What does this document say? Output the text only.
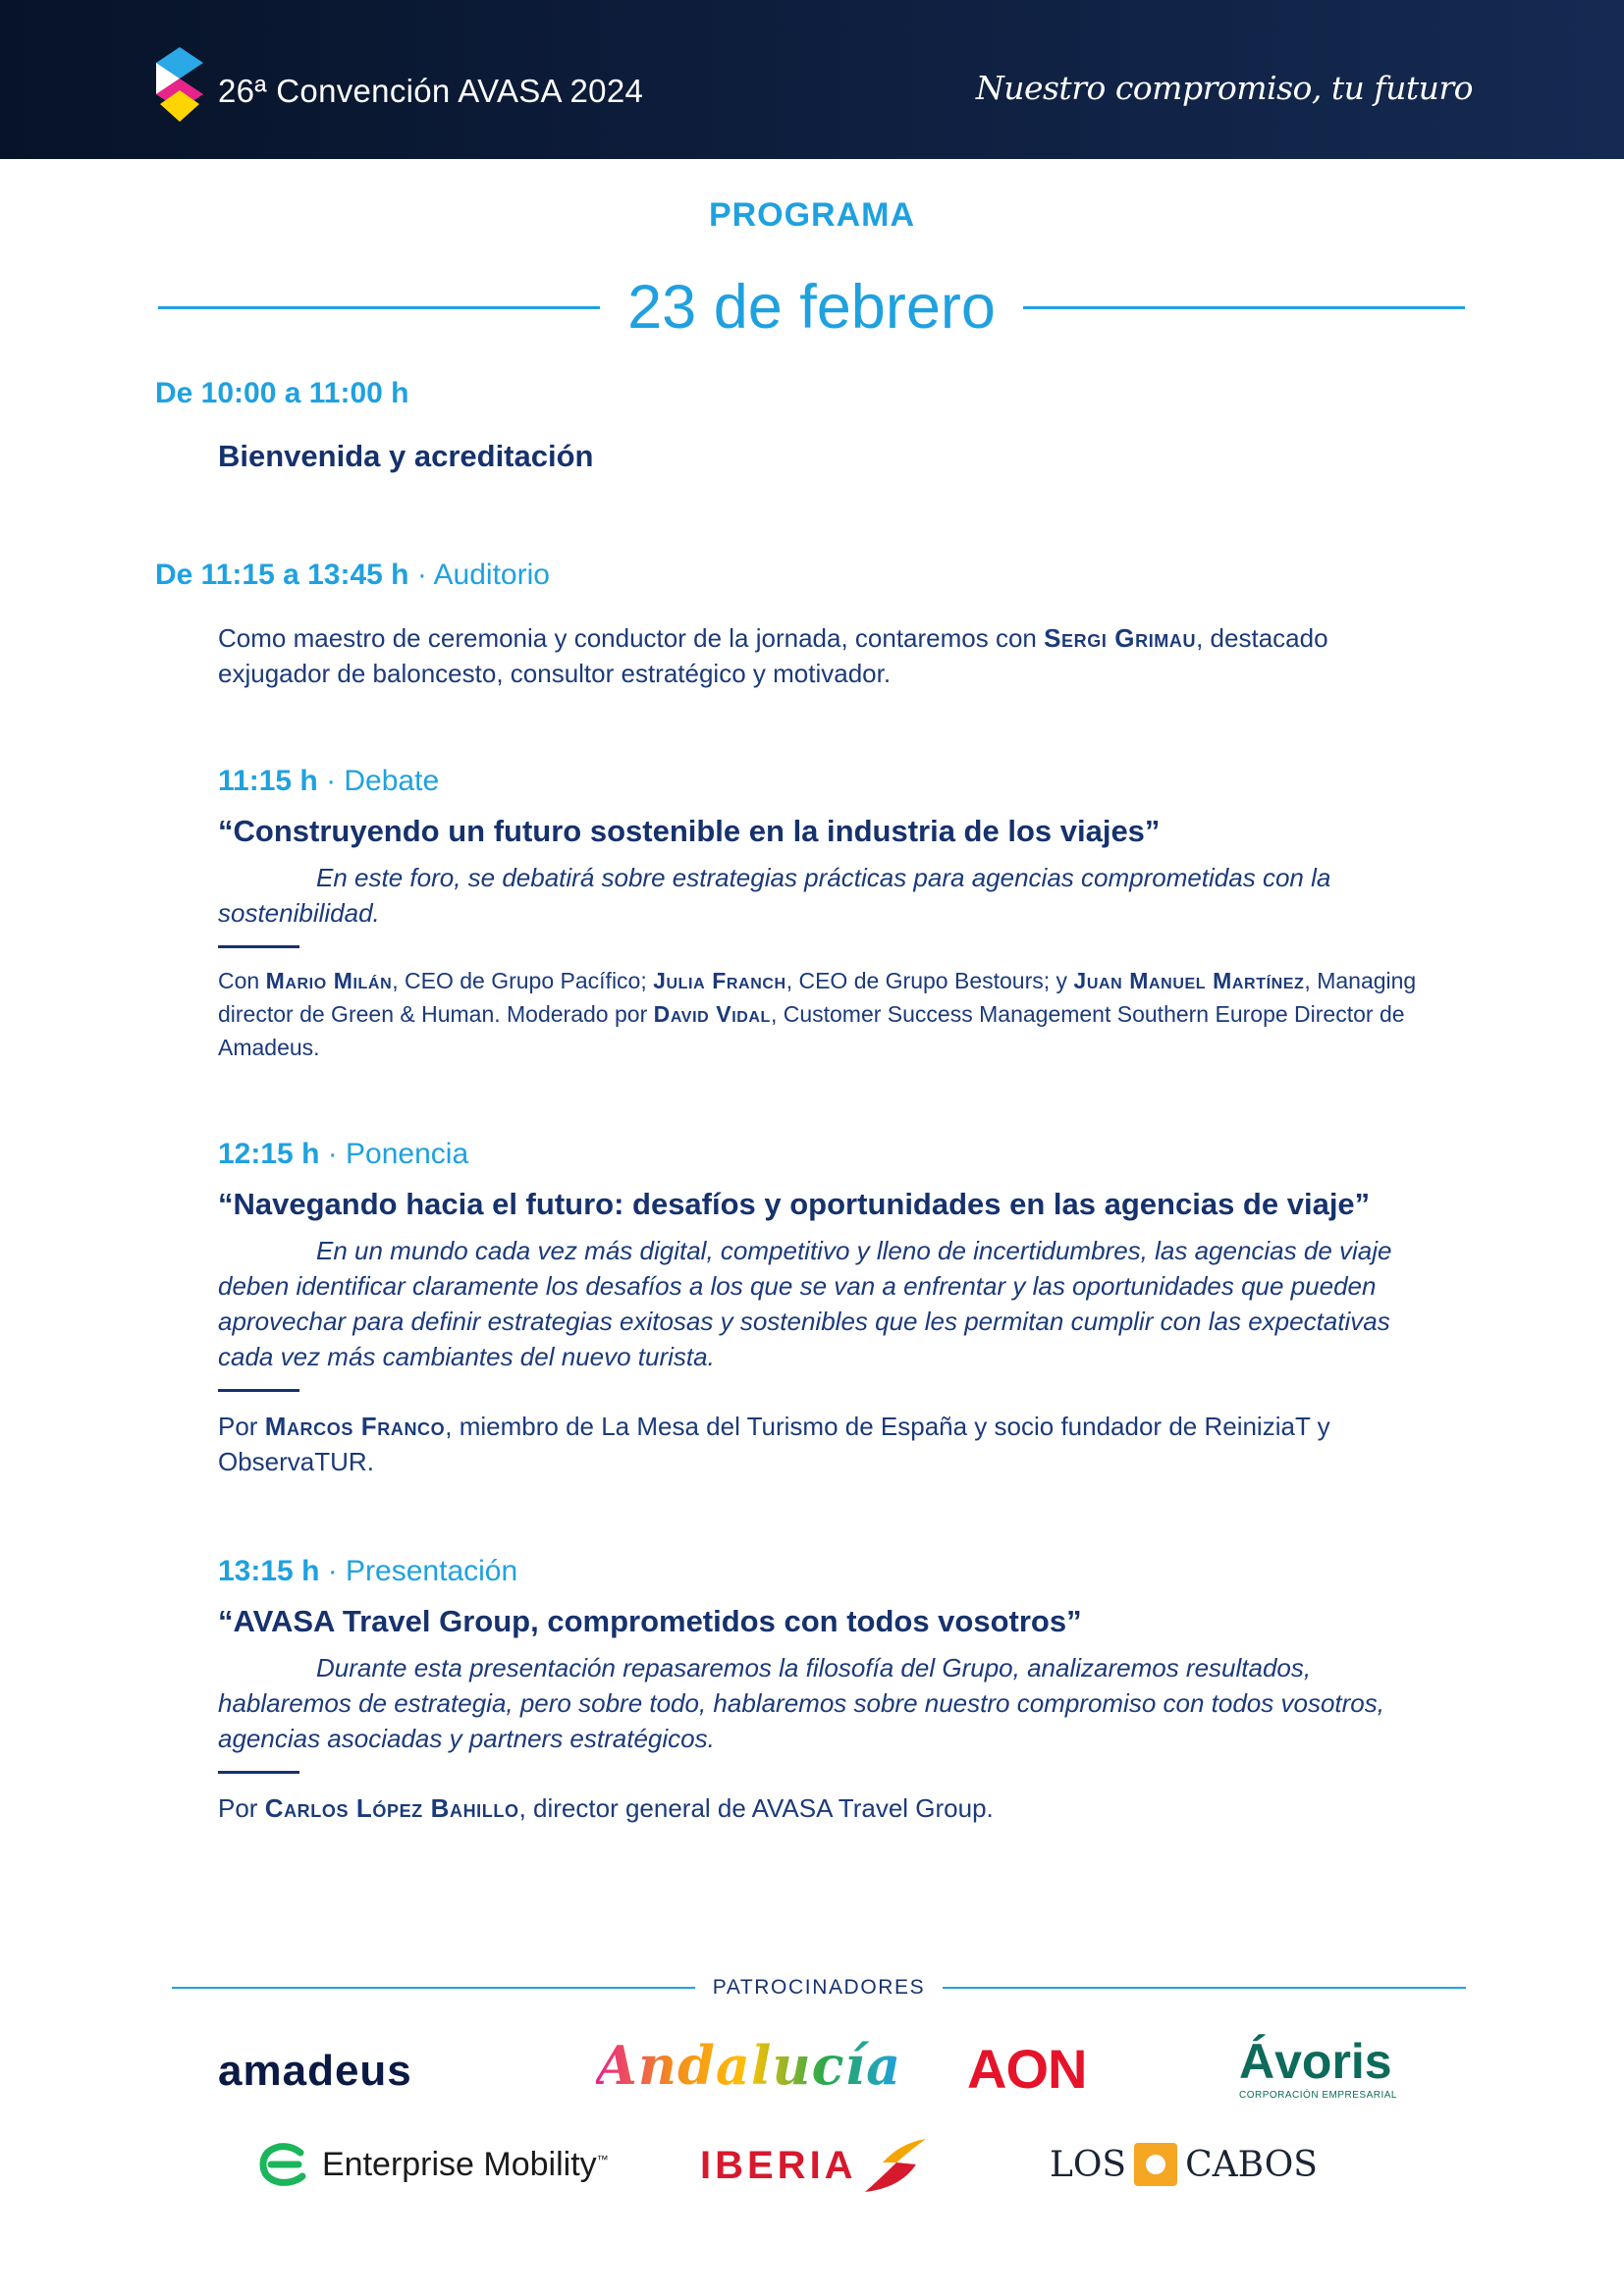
26ª Convención AVASA 2024	Nuestro compromiso, tu futuro
PROGRAMA
23 de febrero
De 10:00 a 11:00 h
Bienvenida y acreditación
De 11:15 a 13:45 h · Auditorio
Como maestro de ceremonia y conductor de la jornada, contaremos con Sergi Grimau, destacado exjugador de baloncesto, consultor estratégico y motivador.
11:15 h · Debate
“Construyendo un futuro sostenible en la industria de los viajes”
En este foro, se debatirá sobre estrategias prácticas para agencias comprometidas con la sostenibilidad.
Con Mario Milán, CEO de Grupo Pacífico; Julia Franch, CEO de Grupo Bestours; y Juan Manuel Martínez, Managing director de Green & Human. Moderado por David Vidal, Customer Success Management Southern Europe Director de Amadeus.
12:15 h · Ponencia
“Navegando hacia el futuro: desafíos y oportunidades en las agencias de viaje”
En un mundo cada vez más digital, competitivo y lleno de incertidumbres, las agencias de viaje deben identificar claramente los desafíos a los que se van a enfrentar y las oportunidades que pueden aprovechar para definir estrategias exitosas y sostenibles que les permitan cumplir con las expectativas cada vez más cambiantes del nuevo turista.
Por Marcos Franco, miembro de La Mesa del Turismo de España y socio fundador de ReiniziaT y ObservaTUR.
13:15 h · Presentación
“AVASA Travel Group, comprometidos con todos vosotros”
Durante esta presentación repasaremos la filosofía del Grupo, analizaremos resultados, hablaremos de estrategia, pero sobre todo, hablaremos sobre nuestro compromiso con todos vosotros, agencias asociadas y partners estratégicos.
Por Carlos López Bahillo, director general de AVASA Travel Group.
PATROCINADORES
amadeus	Andalucía AON	Ávoris
CORPORACIÓN EMPRESARIAL
Enterprise Mobility ™ IBERIA	LOS CABOS
